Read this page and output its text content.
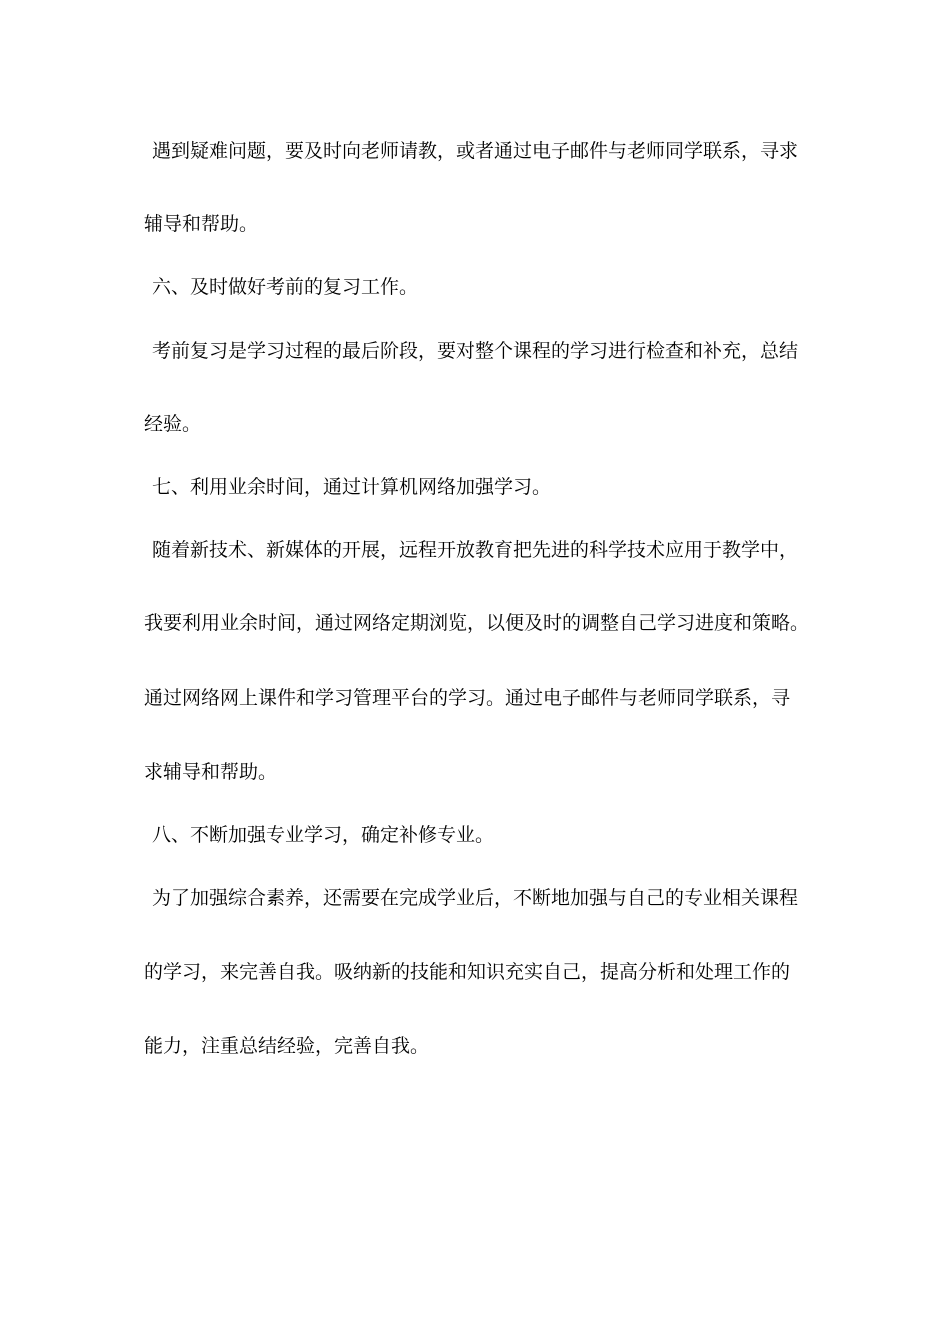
遇到疑难问题，要及时向老师请教，或者通过电子邮件与老师同学联系，寻求
辅导和帮助。
六、及时做好考前的复习工作。
考前复习是学习过程的最后阶段，要对整个课程的学习进行检查和补充，总结
经验。
七、利用业余时间，通过计算机网络加强学习。
随着新技术、新媒体的开展，远程开放教育把先进的科学技术应用于教学中，
我要利用业余时间，通过网络定期浏览，以便及时的调整自己学习进度和策略。
通过网络网上课件和学习管理平台的学习。通过电子邮件与老师同学联系，寻
求辅导和帮助。
八、不断加强专业学习，确定补修专业。
为了加强综合素养，还需要在完成学业后，不断地加强与自己的专业相关课程
的学习，来完善自我。吸纳新的技能和知识充实自己，提高分析和处理工作的
能力，注重总结经验，完善自我。
